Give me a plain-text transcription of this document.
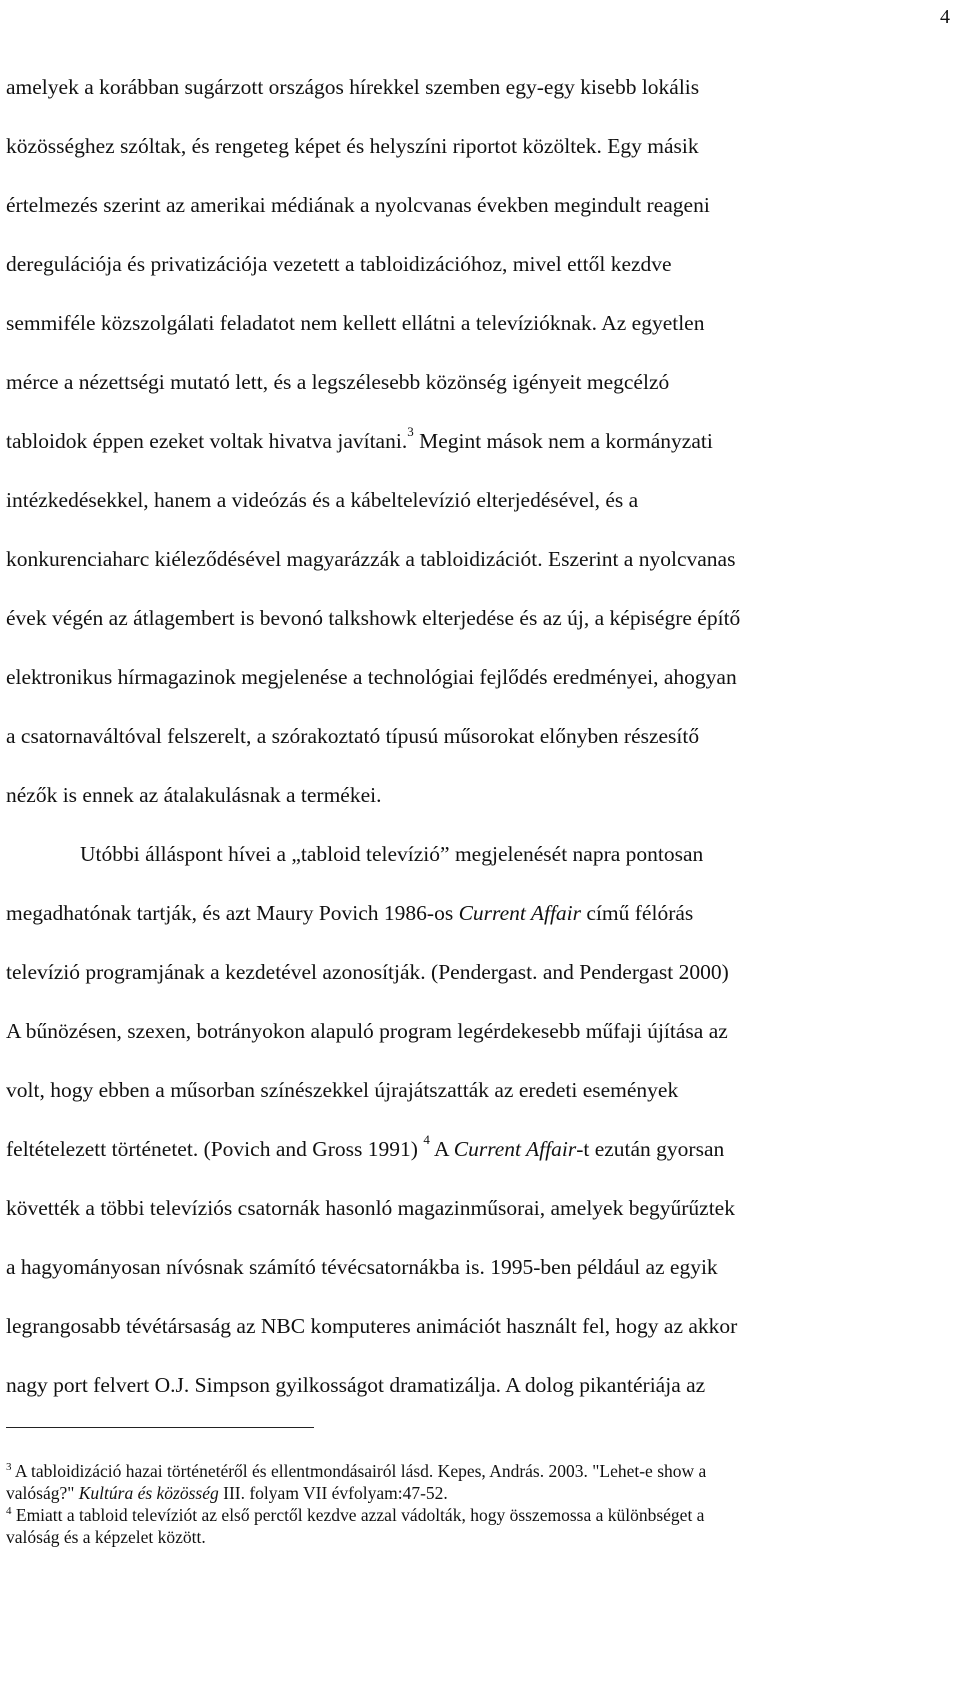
4
amelyek a korábban sugárzott országos hírekkel szemben egy-egy kisebb lokális
közösséghez szóltak, és rengeteg képet és helyszíni riportot közöltek. Egy másik
értelmezés szerint az amerikai médiának a nyolcvanas években megindult reageni
deregulációja és privatizációja vezetett a tabloidizációhoz, mivel ettől kezdve
semmiféle közszolgálati feladatot nem kellett ellátni a televízióknak. Az egyetlen
mérce a nézettségi mutató lett, és a legszélesebb közönség igényeit megcélzó
tabloidok éppen ezeket voltak hivatva javítani.$^3$ Megint mások nem a kormányzati
intézkedésekkel, hanem a videózás és a kábeltelevízió elterjedésével, és a
konkurenciaharc kiéleződésével magyarázzák a tabloidizációt. Eszerint a nyolcvanas
évek végén az átlagembert is bevonó talkshowk elterjedése és az új, a képiségre építő
elektronikus hírmagazinok megjelenése a technológiai fejlődés eredményei, ahogyan
a csatornaváltóval felszerelt, a szórakoztató típusú műsorokat előnyben részesítő
nézők is ennek az átalakulásnak a termékei.
Utóbbi álláspont hívei a „tabloid televízió” megjelenését napra pontosan
megadhatónak tartják, és azt Maury Povich 1986-os Current Affair című félórás
televízió programjának a kezdetével azonosítják. (Pendergast. and Pendergast 2000)
A bűnözésen, szexen, botrányokon alapuló program legérdekesebb műfaji újítása az
volt, hogy ebben a műsorban színészekkel újrajátszatták az eredeti események
feltételezett történetet. (Povich and Gross 1991) $^4$ A Current Affair-t ezután gyorsan
követték a többi televíziós csatornák hasonló magazinműsorai, amelyek begyűrűztek
a hagyományosan nívósnak számító tévécsatornákba is. 1995-ben például az egyik
legrangosabb tévétársaság az NBC komputeres animációt használt fel, hogy az akkor
nagy port felvert O.J. Simpson gyilkosságot dramatizálja. A dolog pikantériája az
$^3$ A tabloidizáció hazai történetéről és ellentmondásairól lásd. Kepes, András. 2003. "Lehet-e show a
valóság?" Kultúra és közösség III. folyam VII évfolyam:47-52.
$^4$ Emiatt a tabloid televíziót az első perctől kezdve azzal vádolták, hogy összemossa a különbséget a
valóság és a képzelet között.
